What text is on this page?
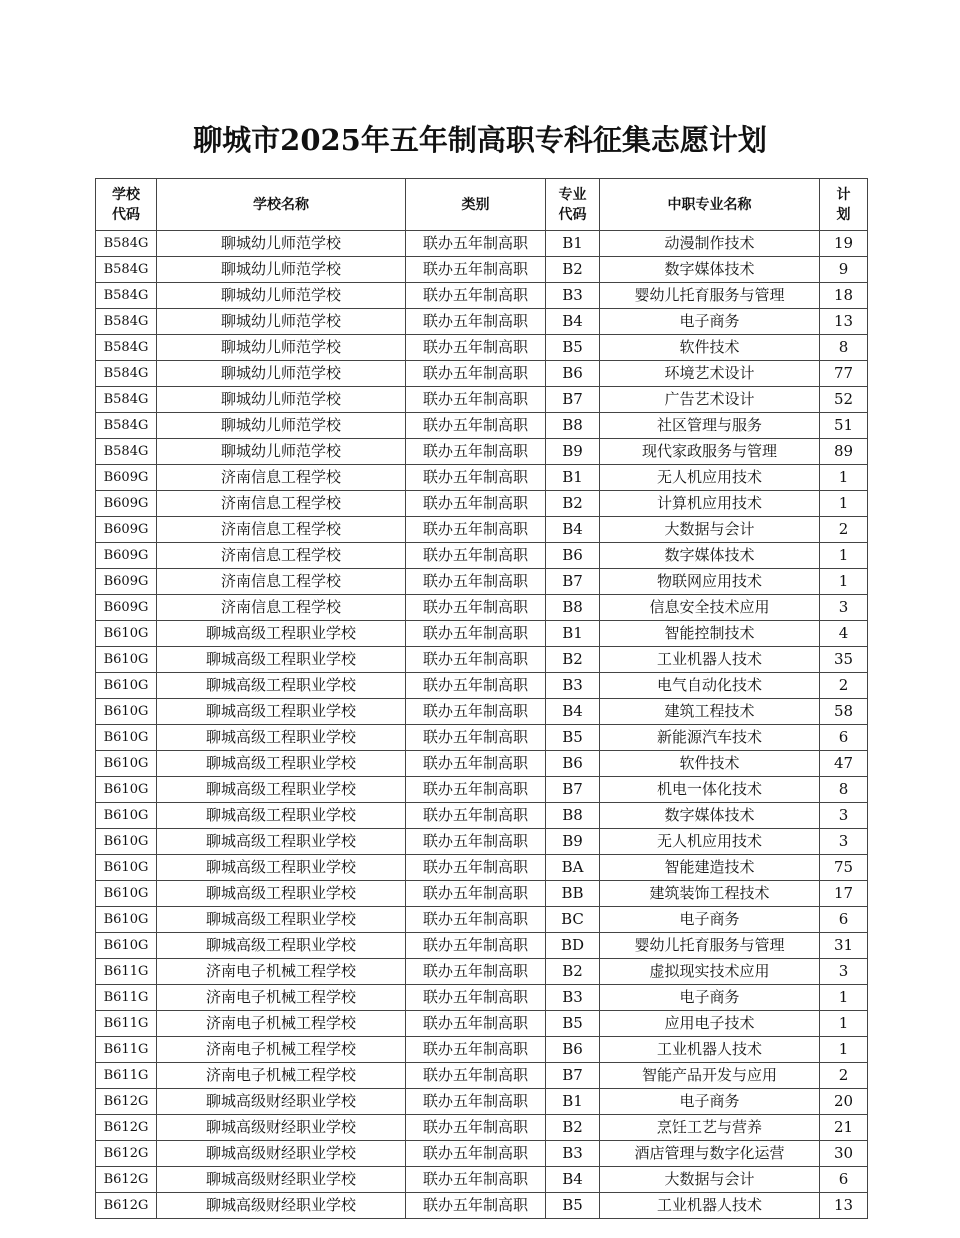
聊城市2025年五年制高职专科征集志愿计划
学校代码	学校名称	类别	专业代码	中职专业名称	计划
B584G	聊城幼儿师范学校	联办五年制高职	B1	动漫制作技术	19
B584G	聊城幼儿师范学校	联办五年制高职	B2	数字媒体技术	9
B584G	聊城幼儿师范学校	联办五年制高职	B3	婴幼儿托育服务与管理	18
B584G	聊城幼儿师范学校	联办五年制高职	B4	电子商务	13
B584G	聊城幼儿师范学校	联办五年制高职	B5	软件技术	8
B584G	聊城幼儿师范学校	联办五年制高职	B6	环境艺术设计	77
B584G	聊城幼儿师范学校	联办五年制高职	B7	广告艺术设计	52
B584G	聊城幼儿师范学校	联办五年制高职	B8	社区管理与服务	51
B584G	聊城幼儿师范学校	联办五年制高职	B9	现代家政服务与管理	89
B609G	济南信息工程学校	联办五年制高职	B1	无人机应用技术	1
B609G	济南信息工程学校	联办五年制高职	B2	计算机应用技术	1
B609G	济南信息工程学校	联办五年制高职	B4	大数据与会计	2
B609G	济南信息工程学校	联办五年制高职	B6	数字媒体技术	1
B609G	济南信息工程学校	联办五年制高职	B7	物联网应用技术	1
B609G	济南信息工程学校	联办五年制高职	B8	信息安全技术应用	3
B610G	聊城高级工程职业学校	联办五年制高职	B1	智能控制技术	4
B610G	聊城高级工程职业学校	联办五年制高职	B2	工业机器人技术	35
B610G	聊城高级工程职业学校	联办五年制高职	B3	电气自动化技术	2
B610G	聊城高级工程职业学校	联办五年制高职	B4	建筑工程技术	58
B610G	聊城高级工程职业学校	联办五年制高职	B5	新能源汽车技术	6
B610G	聊城高级工程职业学校	联办五年制高职	B6	软件技术	47
B610G	聊城高级工程职业学校	联办五年制高职	B7	机电一体化技术	8
B610G	聊城高级工程职业学校	联办五年制高职	B8	数字媒体技术	3
B610G	聊城高级工程职业学校	联办五年制高职	B9	无人机应用技术	3
B610G	聊城高级工程职业学校	联办五年制高职	BA	智能建造技术	75
B610G	聊城高级工程职业学校	联办五年制高职	BB	建筑装饰工程技术	17
B610G	聊城高级工程职业学校	联办五年制高职	BC	电子商务	6
B610G	聊城高级工程职业学校	联办五年制高职	BD	婴幼儿托育服务与管理	31
B611G	济南电子机械工程学校	联办五年制高职	B2	虚拟现实技术应用	3
B611G	济南电子机械工程学校	联办五年制高职	B3	电子商务	1
B611G	济南电子机械工程学校	联办五年制高职	B5	应用电子技术	1
B611G	济南电子机械工程学校	联办五年制高职	B6	工业机器人技术	1
B611G	济南电子机械工程学校	联办五年制高职	B7	智能产品开发与应用	2
B612G	聊城高级财经职业学校	联办五年制高职	B1	电子商务	20
B612G	聊城高级财经职业学校	联办五年制高职	B2	烹饪工艺与营养	21
B612G	聊城高级财经职业学校	联办五年制高职	B3	酒店管理与数字化运营	30
B612G	聊城高级财经职业学校	联办五年制高职	B4	大数据与会计	6
B612G	聊城高级财经职业学校	联办五年制高职	B5	工业机器人技术	13
